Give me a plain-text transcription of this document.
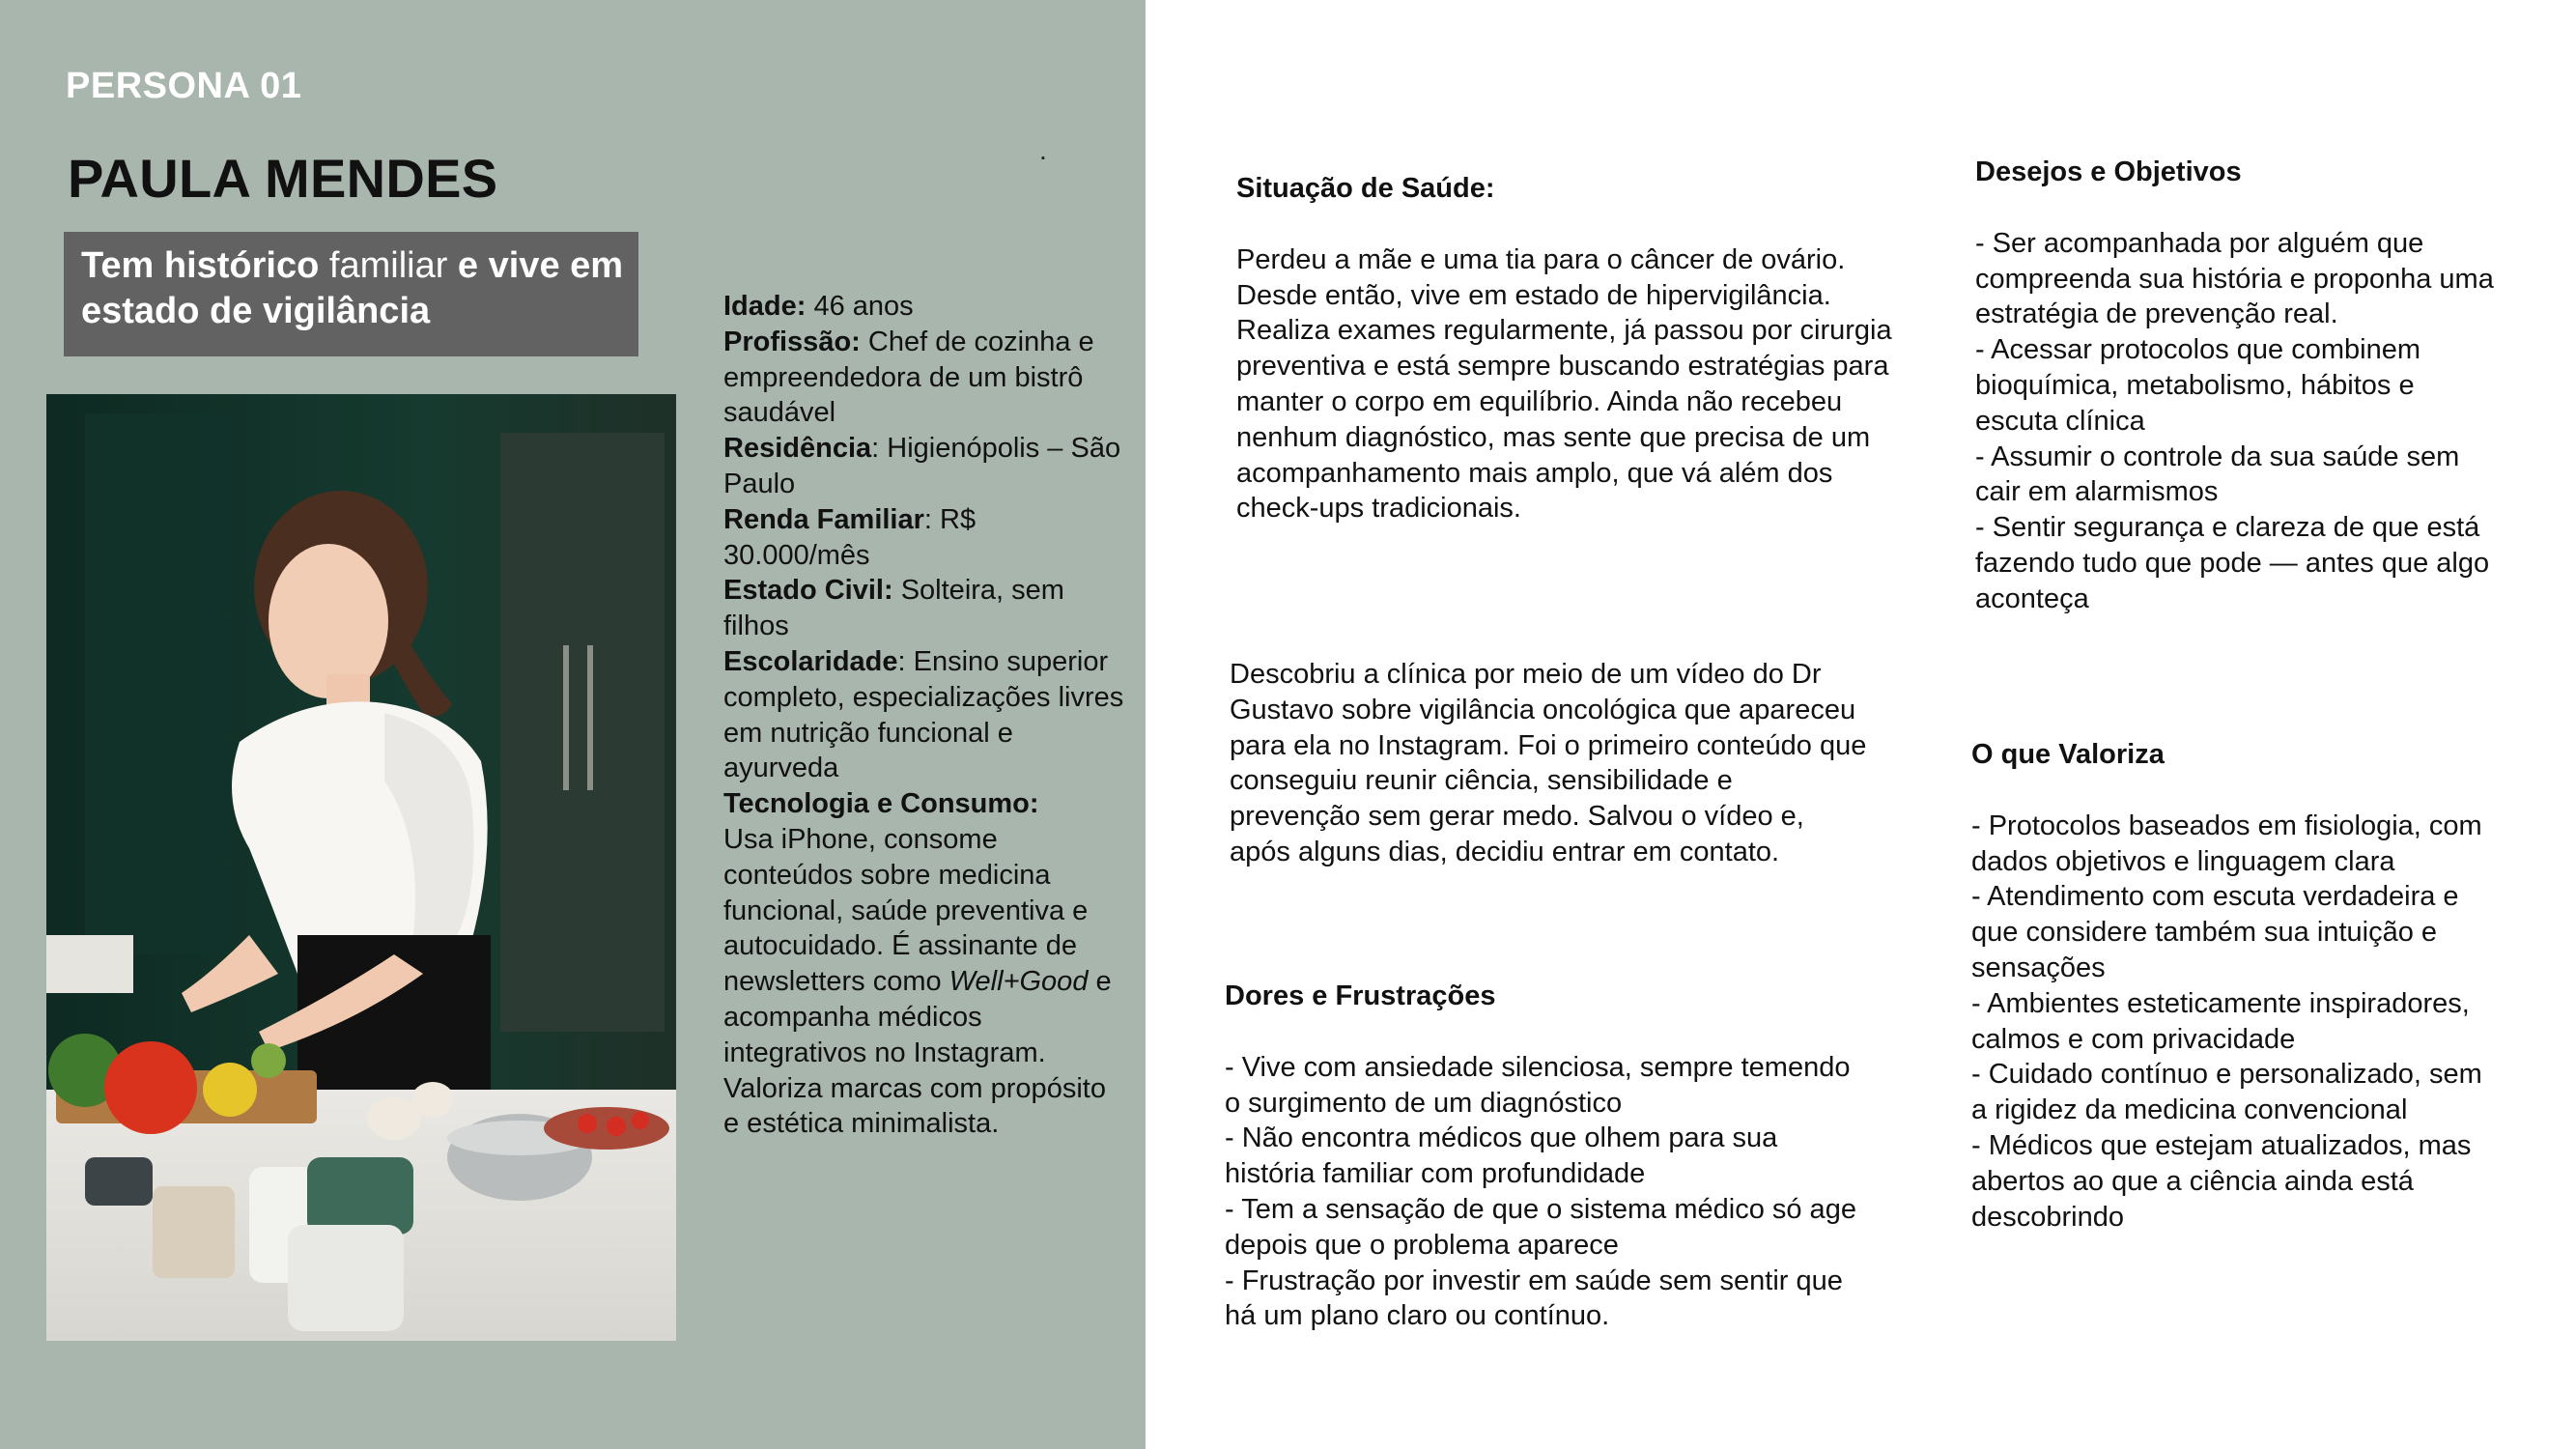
PERSONA 01
PAULA MENDES	.
Tem histórico familiar e vive em estado de vigilância	Idade: 46 anos
Profissão: Chef de cozinha e empreendedora de um bistrô saudável
Residência: Higienópolis – São Paulo
Renda Familiar: R$ 30.000/mês
Estado Civil: Solteira, sem filhos
Escolaridade: Ensino superior completo, especializações livres em nutrição funcional e ayurveda
Tecnologia e Consumo:
Usa iPhone, consome conteúdos sobre medicina funcional, saúde preventiva e autocuidado. É assinante de newsletters como Well+Good e acompanha médicos integrativos no Instagram. Valoriza marcas com propósito e estética minimalista.
Situação de Saúde:

Perdeu a mãe e uma tia para o câncer de ovário. Desde então, vive em estado de hipervigilância. Realiza exames regularmente, já passou por cirurgia preventiva e está sempre buscando estratégias para manter o corpo em equilíbrio. Ainda não recebeu nenhum diagnóstico, mas sente que precisa de um acompanhamento mais amplo, que vá além dos check-ups tradicionais.

Descobriu a clínica por meio de um vídeo do Dr Gustavo sobre vigilância oncológica que apareceu para ela no Instagram. Foi o primeiro conteúdo que conseguiu reunir ciência, sensibilidade e prevenção sem gerar medo. Salvou o vídeo e, após alguns dias, decidiu entrar em contato.

Dores e Frustrações

- Vive com ansiedade silenciosa, sempre temendo o surgimento de um diagnóstico

- Não encontra médicos que olhem para sua história familiar com profundidade

- Tem a sensação de que o sistema médico só age depois que o problema aparece

- Frustração por investir em saúde sem sentir que há um plano claro ou contínuo.

Desejos e Objetivos

- Ser acompanhada por alguém que compreenda sua história e proponha uma estratégia de prevenção real.

- Acessar protocolos que combinem bioquímica, metabolismo, hábitos e escuta clínica

- Assumir o controle da sua saúde sem cair em alarmismos

- Sentir segurança e clareza de que está fazendo tudo que pode — antes que algo aconteça

O que Valoriza

- Protocolos baseados em fisiologia, com dados objetivos e linguagem clara

- Atendimento com escuta verdadeira e que considere também sua intuição e sensações

- Ambientes esteticamente inspiradores, calmos e com privacidade

- Cuidado contínuo e personalizado, sem a rigidez da medicina convencional

- Médicos que estejam atualizados, mas abertos ao que a ciência ainda está descobrindo
